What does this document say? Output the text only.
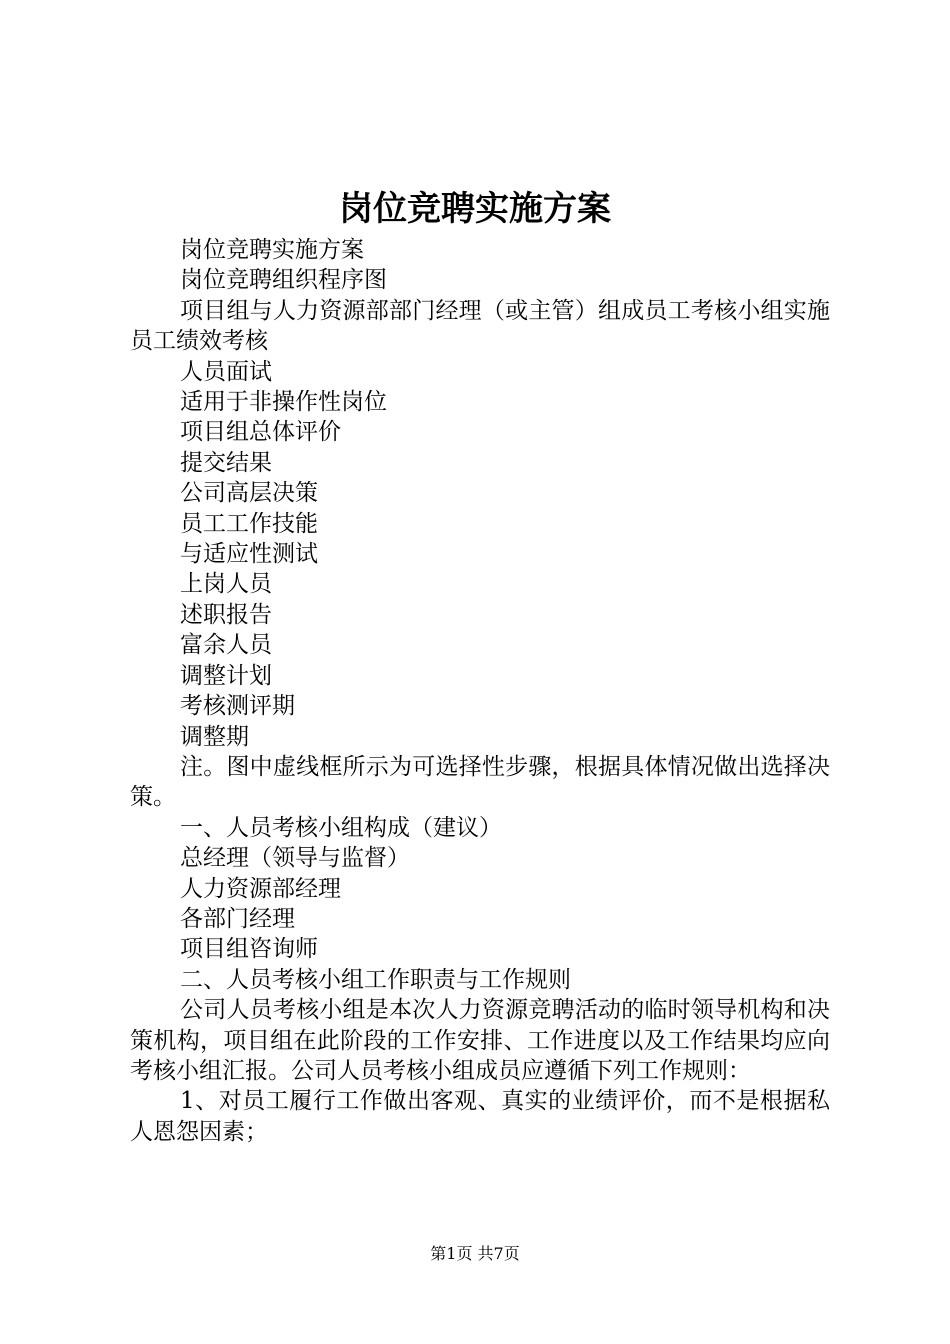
岗位竞聘实施方案

岗位竞聘实施方案

岗位竞聘组织程序图

项目组与人力资源部部门经理（或主管）组成员工考核小组实施员工绩效考核

人员面试

适用于非操作性岗位

项目组总体评价

提交结果

公司高层决策

员工工作技能

与适应性测试

上岗人员

述职报告

富余人员

调整计划

考核测评期

调整期

注。图中虚线框所示为可选择性步骤，根据具体情况做出选择决策。

一、人员考核小组构成（建议）

总经理（领导与监督）

人力资源部经理

各部门经理

项目组咨询师

二、人员考核小组工作职责与工作规则

公司人员考核小组是本次人力资源竞聘活动的临时领导机构和决策机构，项目组在此阶段的工作安排、工作进度以及工作结果均应向考核小组汇报。公司人员考核小组成员应遵循下列工作规则：

1、对员工履行工作做出客观、真实的业绩评价，而不是根据私人恩怨因素；

第1页 共7页
